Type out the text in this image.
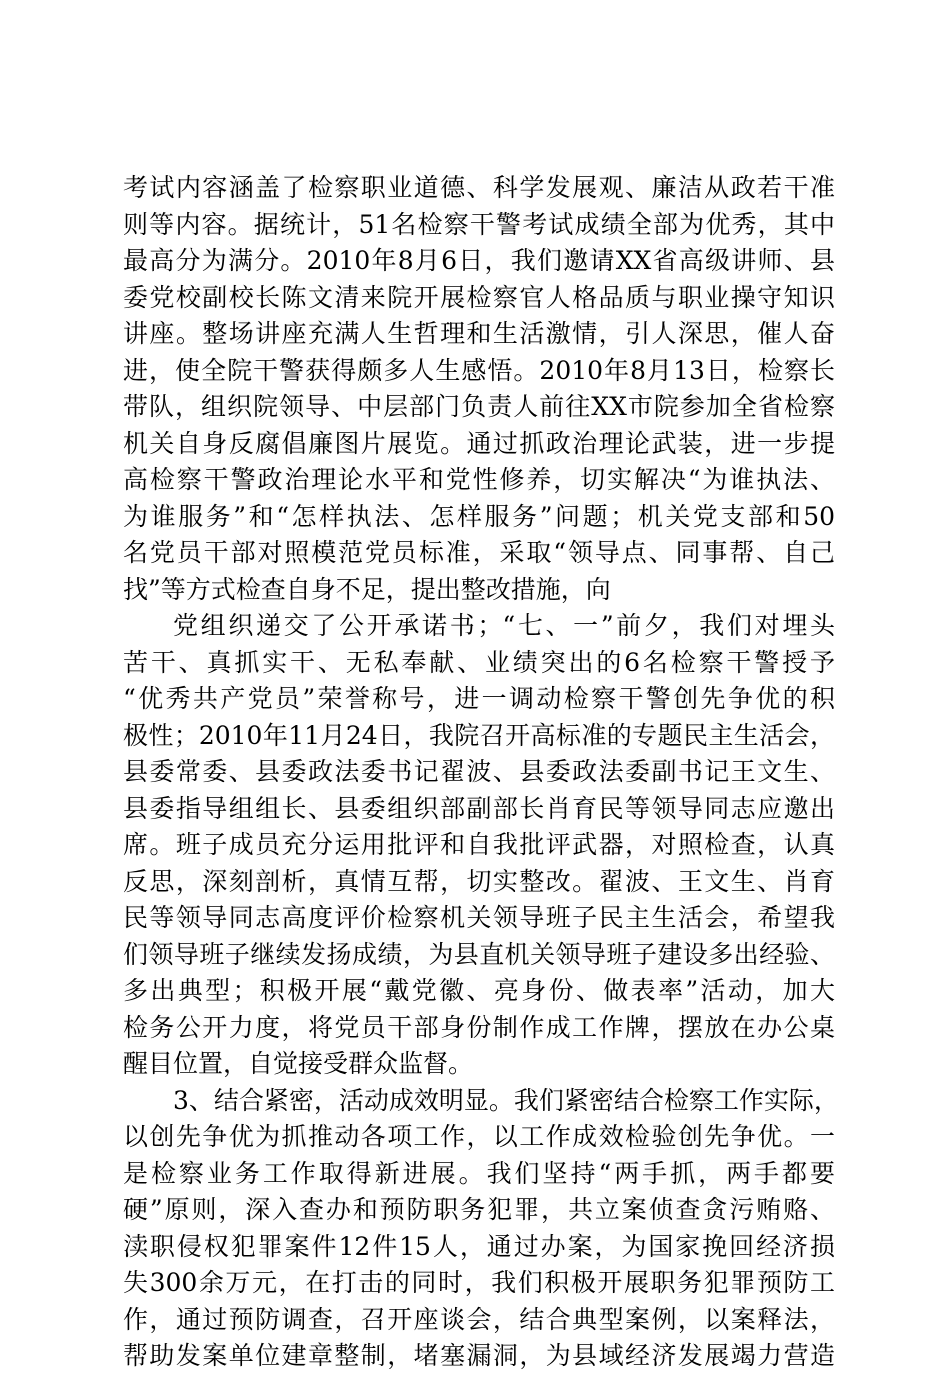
考试内容涵盖了检察职业道德、科学发展观、廉洁从政若干准
则等内容。据统计，51名检察干警考试成绩全部为优秀，其中
最高分为满分。2010年8月6日，我们邀请XX省高级讲师、县
委党校副校长陈文清来院开展检察官人格品质与职业操守知识
讲座。整场讲座充满人生哲理和生活激情，引人深思，催人奋
进，使全院干警获得颇多人生感悟。2010年8月13日，检察长
带队，组织院领导、中层部门负责人前往XX市院参加全省检察
机关自身反腐倡廉图片展览。通过抓政治理论武装，进一步提
高检察干警政治理论水平和党性修养，切实解决“为谁执法、
为谁服务”和“怎样执法、怎样服务”问题；机关党支部和50
名党员干部对照模范党员标准，采取“领导点、同事帮、自己
找”等方式检查自身不足，提出整改措施，向
党组织递交了公开承诺书；“七、一”前夕，我们对埋头
苦干、真抓实干、无私奉献、业绩突出的6名检察干警授予
“优秀共产党员”荣誉称号，进一调动检察干警创先争优的积
极性；2010年11月24日，我院召开高标准的专题民主生活会，
县委常委、县委政法委书记翟波、县委政法委副书记王文生、
县委指导组组长、县委组织部副部长肖育民等领导同志应邀出
席。班子成员充分运用批评和自我批评武器，对照检查，认真
反思，深刻剖析，真情互帮，切实整改。翟波、王文生、肖育
民等领导同志高度评价检察机关领导班子民主生活会，希望我
们领导班子继续发扬成绩，为县直机关领导班子建设多出经验、
多出典型；积极开展“戴党徽、亮身份、做表率”活动，加大
检务公开力度，将党员干部身份制作成工作牌，摆放在办公桌
醒目位置，自觉接受群众监督。
3、结合紧密，活动成效明显。我们紧密结合检察工作实际，
以创先争优为抓推动各项工作，以工作成效检验创先争优。一
是检察业务工作取得新进展。我们坚持“两手抓，两手都要
硬”原则，深入查办和预防职务犯罪，共立案侦查贪污贿赂、
渎职侵权犯罪案件12件15人，通过办案，为国家挽回经济损
失300余万元，在打击的同时，我们积极开展职务犯罪预防工
作，通过预防调查，召开座谈会，结合典型案例，以案释法，
帮助发案单位建章整制，堵塞漏洞，为县域经济发展竭力营造
